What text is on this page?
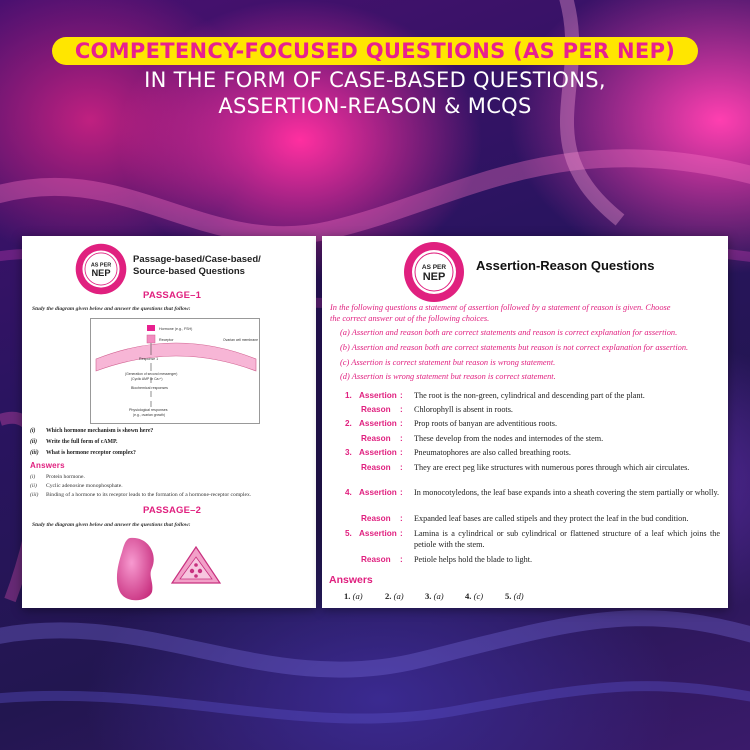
COMPETENCY-FOCUSED QUESTIONS (AS PER NEP)
IN THE FORM OF CASE-BASED QUESTIONS,
ASSERTION-REASON & MCQS
AS PER
NEP
Passage-based/Case-based/
Source-based Questions
PASSAGE–1
Study the diagram given below and answer the questions that follow:
Hormone (e.g., FSH)
Receptor	Ovarian cell membrane
Response 1
(Generation of second messenger)
(Cyclic AMP or Ca²⁺)
Biochemical responses
Physiological responses
(e.g., ovarian growth)
(i)	Which hormone mechanism is shown here?
(ii)	Write the full form of cAMP.
(iii)	What is hormone receptor complex?
Answers
(i)	Protein hormone.
(ii)	Cyclic adenosine monophosphate.
(iii)	Binding of a hormone to its receptor leads to the formation of a hormone-receptor complex.
PASSAGE–2
Study the diagram given below and answer the questions that follow:
AS PER
NEP
Assertion-Reason Questions
In the following questions a statement of assertion followed by a statement of reason is given. Choose
the correct answer out of the following choices.
(a) Assertion and reason both are correct statements and reason is correct explanation for assertion.
(b) Assertion and reason both are correct statements but reason is not correct explanation for assertion.
(c) Assertion is correct statement but reason is wrong statement.
(d) Assertion is wrong statement but reason is correct statement.
1. Assertion : The root is the non-green, cylindrical and descending part of the plant.
Reason : Chlorophyll is absent in roots.
2. Assertion : Prop roots of banyan are adventitious roots.
Reason : These develop from the nodes and internodes of the stem.
3. Assertion : Pneumatophores are also called breathing roots.
Reason : They are erect peg like structures with numerous pores through which air circulates.
4. Assertion : In monocotyledons, the leaf base expands into a sheath covering the stem partially or wholly.
Reason : Expanded leaf bases are called stipels and they protect the leaf in the bud condition.
5. Assertion : Lamina is a cylindrical or sub cylindrical or flattened structure of a leaf which joins the petiole with the stem.
Reason : Petiole helps hold the blade to light.
Answers
1. (a)	2. (a) 3. (a) 4. (c)	5. (d)
